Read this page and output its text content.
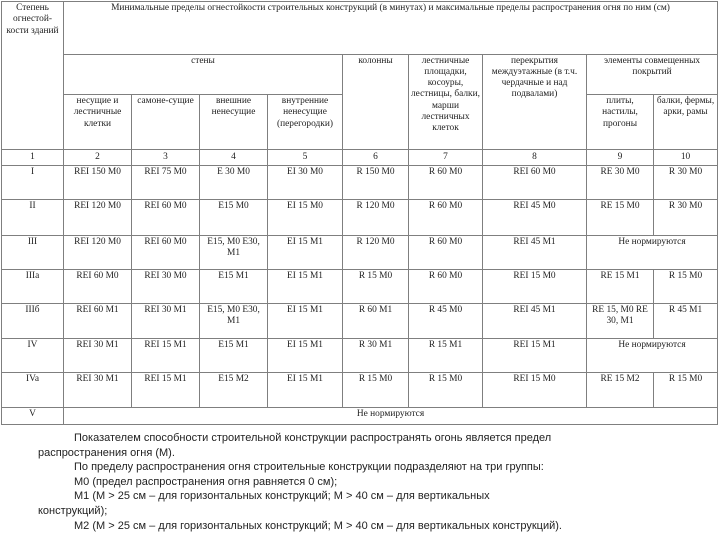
Степень огнестой-кости зданий	Минимальные пределы огнестойкости строительных конструкций (в минутах) и максимальные пределы распространения огня по ним (см)								
	стены				колонны	лестничные площадки, косоуры, лестницы, балки, марши лестничных клеток	перекрытия междуэтажные (в т.ч. чердачные и над подвалами)	элементы совмещенных покрытий	

	несущие и лестничные клетки	самоне-сущие	внешние ненесущие	внутренние ненесущие (перегородки)				плиты, настилы, прогоны	балки, фермы, арки, рамы
1	2	3	4	5	6	7	8	9	10
I	REI 150 M0	REI 75 M0	E 30 M0	EI 30 M0	R 150 M0	R 60 M0	REI 60 M0	RE 30 M0	R 30 M0
II	REI 120 M0	REI 60 M0	E15 M0	EI 15 M0	R 120 M0	R 60 M0	REI 45 M0	RE 15 M0	R 30 M0
III	REI 120 M0	REI 60 M0	E15, M0 E30, M1	EI 15 M1	R 120 M0	R 60 M0	REI 45 M1	Не нормируются	
IIIa	REI 60 M0	REI 30 M0	E15 M1	EI 15 M1	R 15 M0	R 60 M0	REI 15 M0	RE 15 M1	R 15 M0
IIIб	REI 60 M1	REI 30 M1	E15, M0 E30, M1	EI 15 M1	R 60 M1	R 45 M0	REI 45 M1	RE 15, M0 RE 30, M1	R 45 M1
IV	REI 30 M1	REI 15 M1	E15 M1	EI 15 M1	R 30 M1	R 15 M1	REI 15 M1	Не нормируются	
IVa	REI 30 M1	REI 15 M1	E15 M2	EI 15 M1	R 15 M0	R 15 M0	REI 15 M0	RE 15 M2	R 15 M0
V	Не нормируются								

Показателем способности строительной конструкции распространять огонь является предел

распространения огня (М).

По пределу распространения огня строительные конструкции подразделяют на три группы:

М0 (предел распространения огня равняется 0 см);

М1 (М > 25 см – для горизонтальных конструкций; М > 40 см – для вертикальных

конструкций);

М2 (М > 25 см – для горизонтальных конструкций; М > 40 см – для вертикальных конструкций).
